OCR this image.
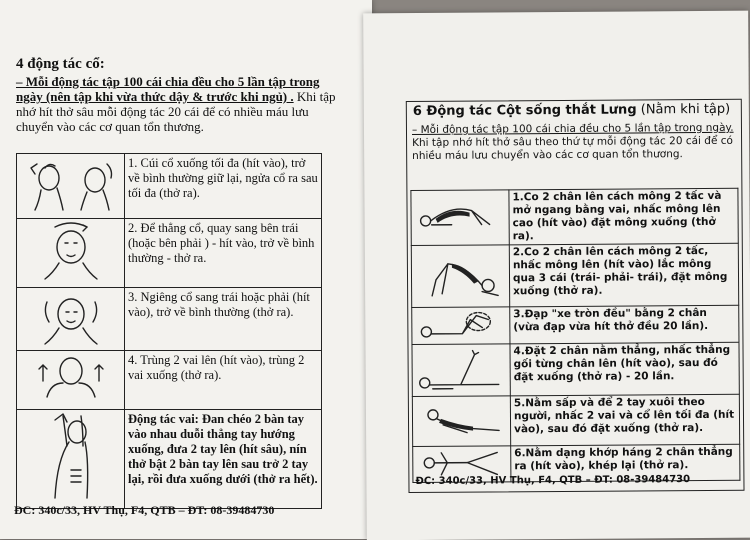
4 động tác cổ:
– Mỗi động tác tập 100 cái chia đều cho 5 lần tập trong ngày (nên tập khi vừa thức dậy & trước khi ngủ) . Khi tập nhớ hít thở sâu mỗi động tác 20 cái để có nhiều máu lưu chuyển vào các cơ quan tổn thương.
	1. Cúi cổ xuống tối đa (hít vào), trở về bình thường giữ lại, ngửa cổ ra sau tối đa (thở ra).

	2. Để thẳng cổ, quay sang bên trái (hoặc bên phải ) - hít vào, trở về bình thường - thở ra.

	3. Ngiêng cổ sang trái hoặc phải (hít vào), trở về bình thường (thở ra).

	4. Trùng 2 vai lên (hít vào), trùng 2 vai xuống (thở ra).

	Động tác vai: Đan chéo 2 bàn tay vào nhau duỗi thẳng tay hướng xuống, đưa 2 tay lên (hít sâu), nín thở bật 2 bàn tay lên sau trở 2 tay lại, rồi đưa xuống dưới (thở ra hết).
ĐC: 340c/33, HV Thụ, F4, QTB – ĐT: 08-39484730
6 Động tác Cột sống thắt Lưng (Nằm khi tập)
– Mỗi động tác tập 100 cái chia đều cho 5 lần tập trong ngày.
Khi tập nhớ hít thở sâu theo thứ tự mỗi động tác 20 cái để có nhiều máu lưu chuyển vào các cơ quan tổn thương.
	1.Co 2 chân lên cách mông 2 tấc và mở ngang bằng vai, nhấc mông lên cao (hít vào) đặt mông xuống (thở ra).

	2.Co 2 chân lên cách mông 2 tấc, nhấc mông lên (hít vào) lắc mông qua 3 cái (trái- phải- trái), đặt mông xuống (thở ra).

	3.Đạp "xe tròn đều" bằng 2 chân (vừa đạp vừa hít thở đều 20 lần).

	4.Đặt 2 chân nằm thẳng, nhấc thẳng gối từng chân lên (hít vào), sau đó đặt xuống (thở ra) - 20 lần.

	5.Nằm sấp và để 2 tay xuôi theo người, nhấc 2 vai và cổ lên tối đa (hít vào), sau đó đặt xuống (thở ra).

	6.Nằm dạng khớp háng 2 chân thẳng ra (hít vào), khép lại (thở ra).
ĐC: 340c/33, HV Thụ, F4, QTB – ĐT: 08-39484730
